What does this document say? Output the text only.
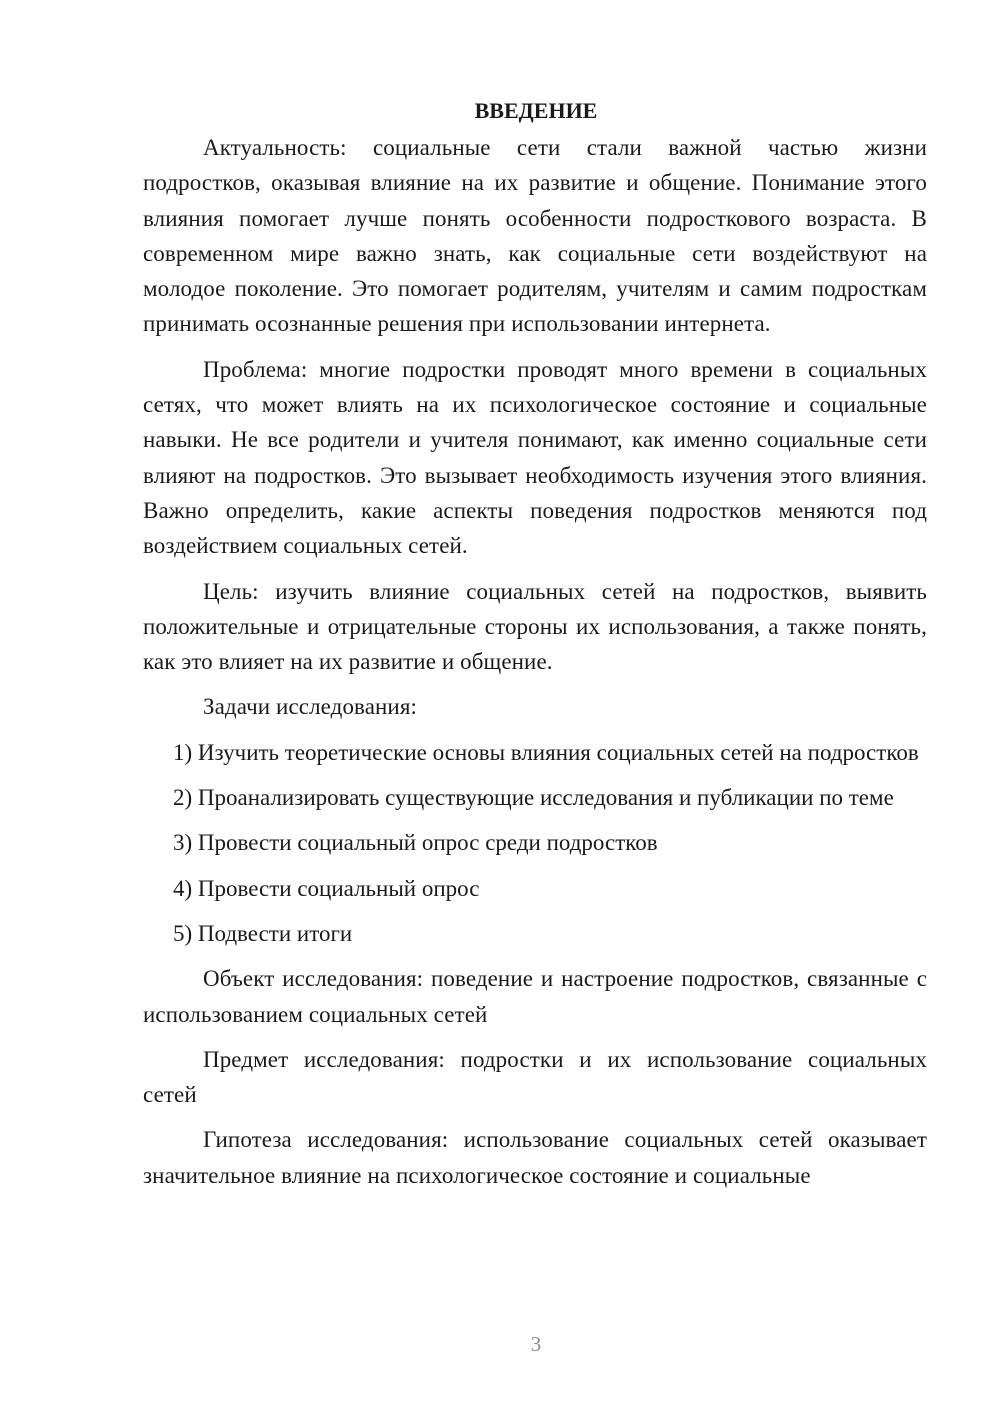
ВВЕДЕНИЕ

Актуальность: социальные сети стали важной частью жизни подростков, оказывая влияние на их развитие и общение. Понимание этого влияния помогает лучше понять особенности подросткового возраста. В современном мире важно знать, как социальные сети воздействуют на молодое поколение. Это помогает родителям, учителям и самим подросткам принимать осознанные решения при использовании интернета.

Проблема: многие подростки проводят много времени в социальных сетях, что может влиять на их психологическое состояние и социальные навыки. Не все родители и учителя понимают, как именно социальные сети влияют на подростков. Это вызывает необходимость изучения этого влияния. Важно определить, какие аспекты поведения подростков меняются под воздействием социальных сетей.

Цель: изучить влияние социальных сетей на подростков, выявить положительные и отрицательные стороны их использования, а также понять, как это влияет на их развитие и общение.

Задачи исследования:

1) Изучить теоретические основы влияния социальных сетей на подростков

2) Проанализировать существующие исследования и публикации по теме

3) Провести социальный опрос среди подростков

4) Провести социальный опрос

5) Подвести итоги

Объект исследования: поведение и настроение подростков, связанные с использованием социальных сетей

Предмет исследования: подростки и их использование социальных сетей

Гипотеза исследования: использование социальных сетей оказывает значительное влияние на психологическое состояние и социальные

3
